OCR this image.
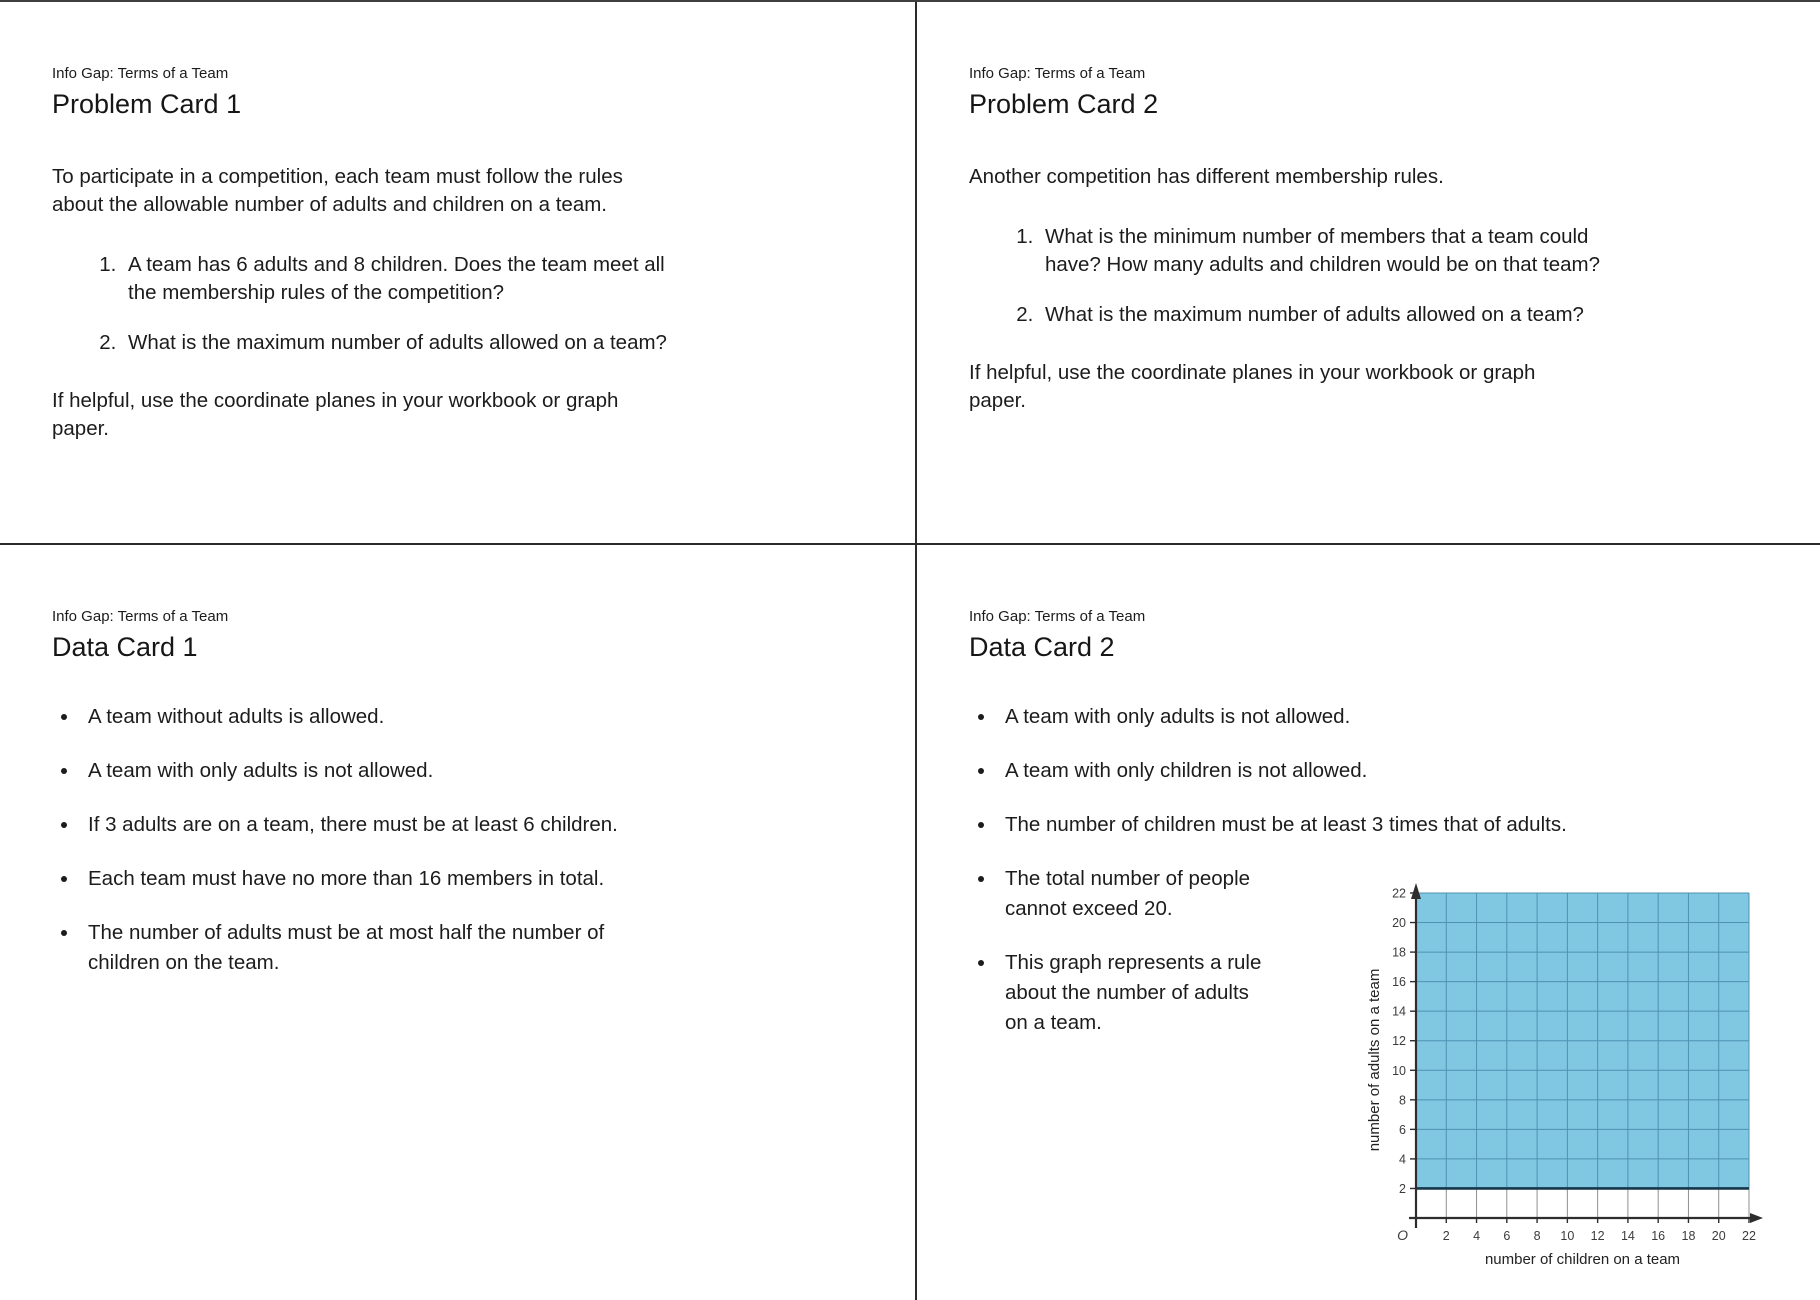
Info Gap: Terms of a Team
Problem Card 1
To participate in a competition, each team must follow the rules
about the allowable number of adults and children on a team.
1. A team has 6 adults and 8 children. Does the team meet all
the membership rules of the competition?
2. What is the maximum number of adults allowed on a team?
If helpful, use the coordinate planes in your workbook or graph
paper.
Info Gap: Terms of a Team
Problem Card 2
Another competition has different membership rules.
1. What is the minimum number of members that a team could
have? How many adults and children would be on that team?
2. What is the maximum number of adults allowed on a team?
If helpful, use the coordinate planes in your workbook or graph
paper.
Info Gap: Terms of a Team
Data Card 1
• A team without adults is allowed.
• A team with only adults is not allowed.
• If 3 adults are on a team, there must be at least 6 children.
• Each team must have no more than 16 members in total.
• The number of adults must be at most half the number of
children on the team.
Info Gap: Terms of a Team
Data Card 2
• A team with only adults is not allowed.
• A team with only children is not allowed.
• The number of children must be at least 3 times that of adults.
• The total number of people
cannot exceed 20.
• This graph represents a rule
about the number of adults
on a team.
2
4
6
8
10
12
14
16
18
20
22
2 4 6 8 10 12 14 16 18 20 22
O
number of children on a team
number of adults on a team
